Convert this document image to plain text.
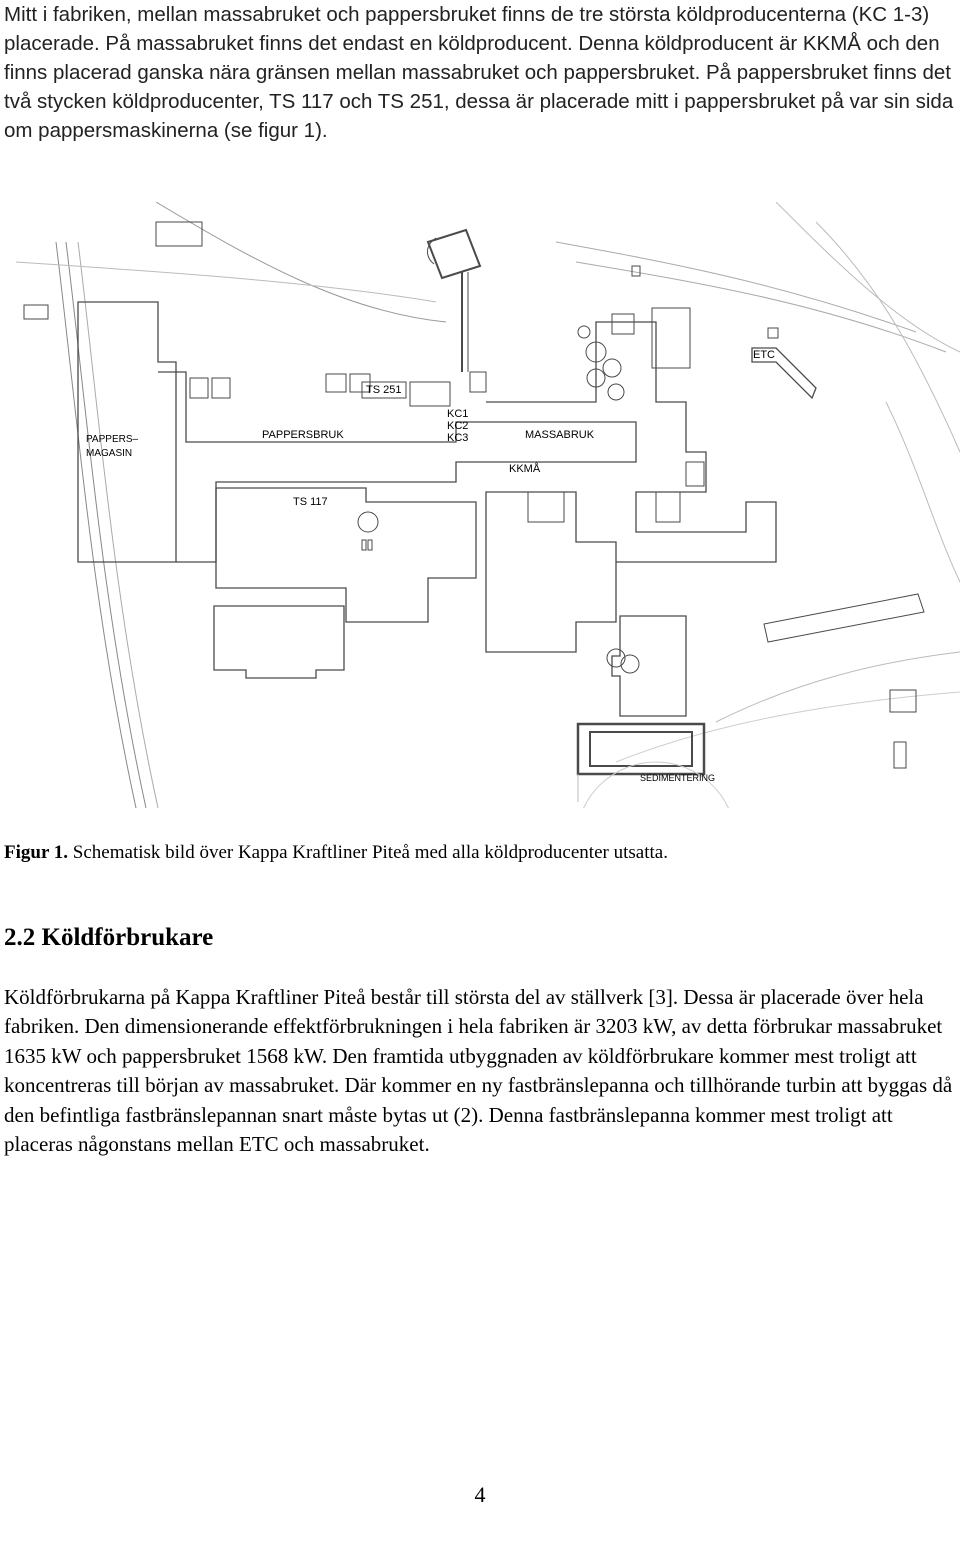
Mitt i fabriken, mellan massabruket och pappersbruket finns de tre största köldproducenterna (KC 1-3) placerade. På massabruket finns det endast en köldproducent. Denna köldproducent är KKMÅ och den finns placerad ganska nära gränsen mellan massabruket och pappersbruket. På pappersbruket finns det två stycken köldproducenter, TS 117 och TS 251, dessa är placerade mitt i pappersbruket på var sin sida om pappersmaskinerna (se figur 1).

ETC
TS 251
KC1
KC2
KC3
PAPPERSBRUK	MASSABRUK
PAPPERS–
MAGASIN
KKMÅ
TS 117
SEDIMENTERING

Figur 1. Schematisk bild över Kappa Kraftliner Piteå med alla köldproducenter utsatta.

2.2 Köldförbrukare

Köldförbrukarna på Kappa Kraftliner Piteå består till största del av ställverk [3]. Dessa är placerade över hela fabriken. Den dimensionerande effektförbrukningen i hela fabriken är 3203 kW, av detta förbrukar massabruket 1635 kW och pappersbruket 1568 kW. Den framtida utbyggnaden av köldförbrukare kommer mest troligt att koncentreras till början av massabruket. Där kommer en ny fastbränslepanna och tillhörande turbin att byggas då den befintliga fastbränslepannan snart måste bytas ut (2). Denna fastbränslepanna kommer mest troligt att placeras någonstans mellan ETC och massabruket.

4
